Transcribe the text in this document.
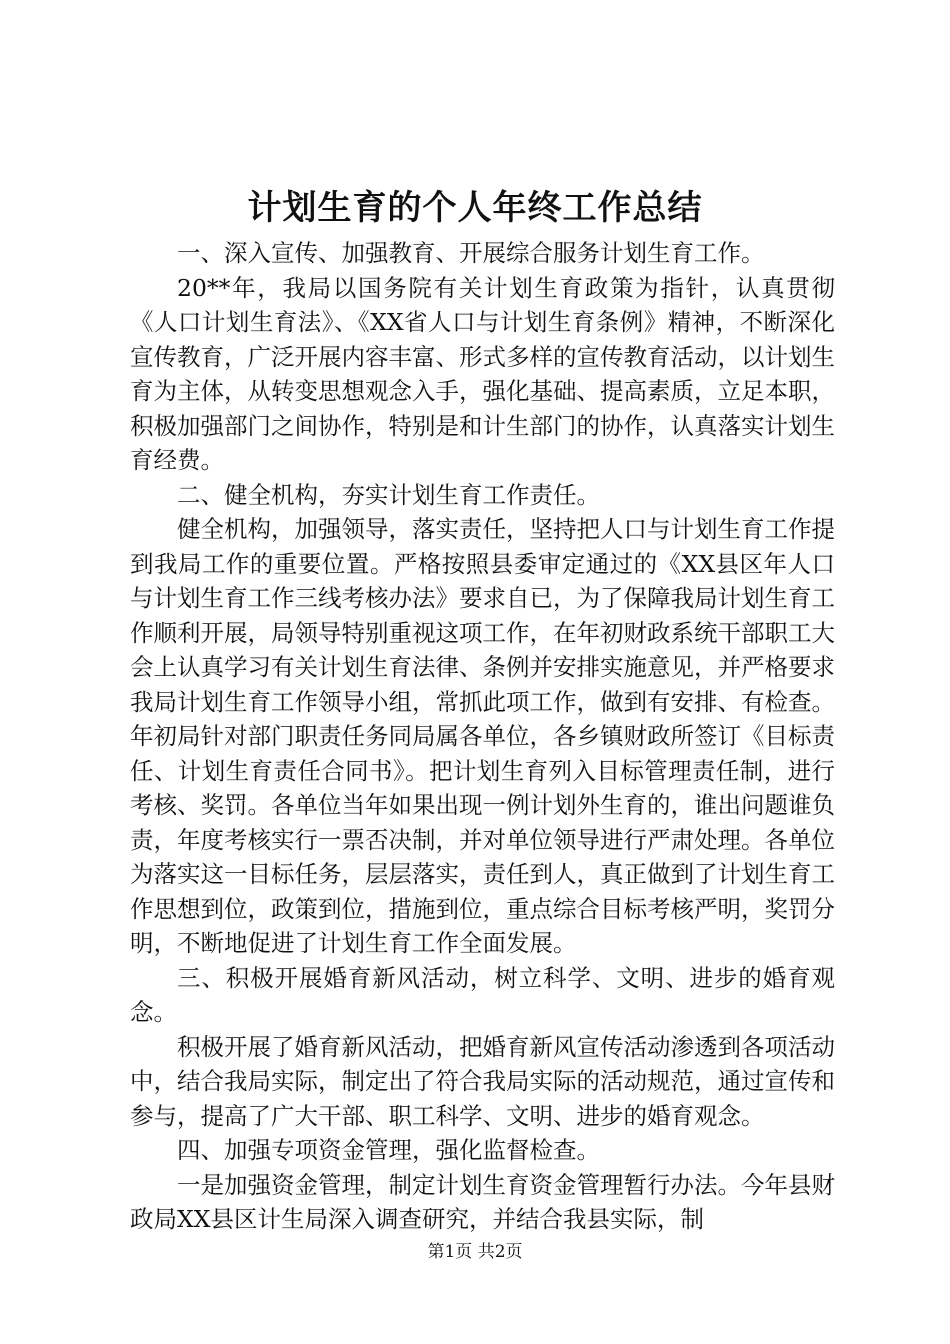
计划生育的个人年终工作总结

一、深入宣传、加强教育、开展综合服务计划生育工作。

20**年，我局以国务院有关计划生育政策为指针，认真贯彻《人口计划生育法》、《XX省人口与计划生育条例》精神，不断深化宣传教育，广泛开展内容丰富、形式多样的宣传教育活动，以计划生育为主体，从转变思想观念入手，强化基础、提高素质，立足本职，积极加强部门之间协作，特别是和计生部门的协作，认真落实计划生育经费。

二、健全机构，夯实计划生育工作责任。

健全机构，加强领导，落实责任，坚持把人口与计划生育工作提到我局工作的重要位置。严格按照县委审定通过的《XX县区年人口与计划生育工作三线考核办法》要求自已，为了保障我局计划生育工作顺利开展，局领导特别重视这项工作，在年初财政系统干部职工大会上认真学习有关计划生育法律、条例并安排实施意见，并严格要求我局计划生育工作领导小组，常抓此项工作，做到有安排、有检查。年初局针对部门职责任务同局属各单位，各乡镇财政所签订《目标责任、计划生育责任合同书》。把计划生育列入目标管理责任制，进行考核、奖罚。各单位当年如果出现一例计划外生育的，谁出问题谁负责，年度考核实行一票否决制，并对单位领导进行严肃处理。各单位为落实这一目标任务，层层落实，责任到人，真正做到了计划生育工作思想到位，政策到位，措施到位，重点综合目标考核严明，奖罚分明，不断地促进了计划生育工作全面发展。

三、积极开展婚育新风活动，树立科学、文明、进步的婚育观念。

积极开展了婚育新风活动，把婚育新风宣传活动渗透到各项活动中，结合我局实际，制定出了符合我局实际的活动规范，通过宣传和参与，提高了广大干部、职工科学、文明、进步的婚育观念。

四、加强专项资金管理，强化监督检查。

一是加强资金管理，制定计划生育资金管理暂行办法。今年县财政局XX县区计生局深入调查研究，并结合我县实际，制

第1页 共2页
